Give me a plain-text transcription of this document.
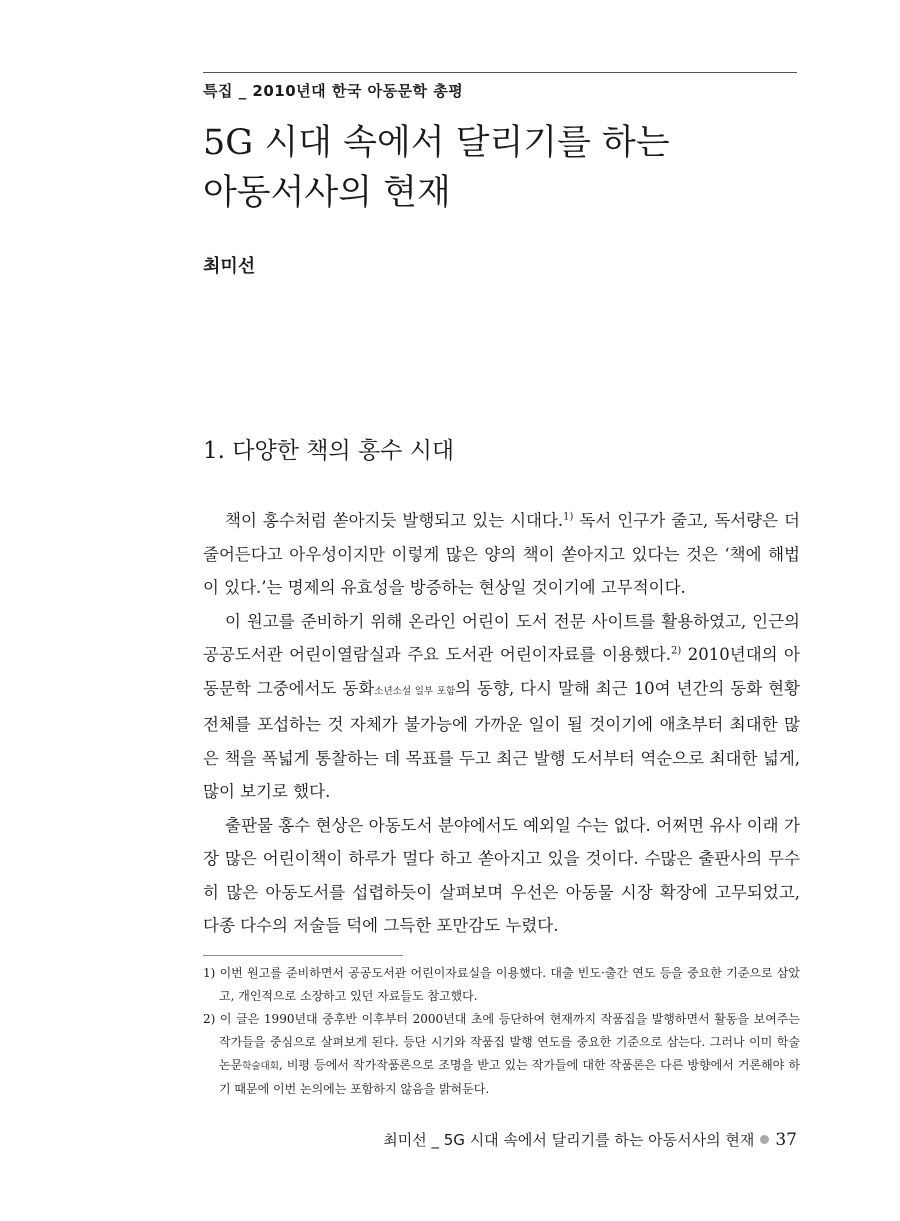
특집 _ 2010년대 한국 아동문학 총평
5G 시대 속에서 달리기를 하는
아동서사의 현재
최미선
1. 다양한 책의 홍수 시대

책이 홍수처럼 쏟아지듯 발행되고 있는 시대다.$^{1)}$ 독서 인구가 줄고, 독서량은 더 줄어든다고 아우성이지만 이렇게 많은 양의 책이 쏟아지고 있다는 것은 ‘책에 해법이 있다.’는 명제의 유효성을 방증하는 현상일 것이기에 고무적이다.

이 원고를 준비하기 위해 온라인 어린이 도서 전문 사이트를 활용하였고, 인근의 공공도서관 어린이열람실과 주요 도서관 어린이자료를 이용했다.$^{2)}$ 2010년대의 아동문학 그중에서도 동화소년소설 일부 포함의 동향, 다시 말해 최근 10여 년간의 동화 현황 전체를 포섭하는 것 자체가 불가능에 가까운 일이 될 것이기에 애초부터 최대한 많은 책을 폭넓게 통찰하는 데 목표를 두고 최근 발행 도서부터 역순으로 최대한 넓게, 많이 보기로 했다.

출판물 홍수 현상은 아동도서 분야에서도 예외일 수는 없다. 어쩌면 유사 이래 가장 많은 어린이책이 하루가 멀다 하고 쏟아지고 있을 것이다. 수많은 출판사의 무수히 많은 아동도서를 섭렵하듯이 살펴보며 우선은 아동물 시장 확장에 고무되었고, 다종 다수의 저술들 덕에 그득한 포만감도 누렸다.

1) 이번 원고를 준비하면서 공공도서관 어린이자료실을 이용했다. 대출 빈도·출간 연도 등을 중요한 기준으로 삼았고, 개인적으로 소장하고 있던 자료들도 참고했다.
2) 이 글은 1990년대 중후반 이후부터 2000년대 초에 등단하여 현재까지 작품집을 발행하면서 활동을 보여주는 작가들을 중심으로 살펴보게 된다. 등단 시기와 작품집 발행 연도를 중요한 기준으로 삼는다. 그러나 이미 학술논문학술대회, 비평 등에서 작가작품론으로 조명을 받고 있는 작가들에 대한 작품론은 다른 방향에서 거론해야 하기 때문에 이번 논의에는 포함하지 않음을 밝혀둔다.
최미선 _ 5G 시대 속에서 달리기를 하는 아동서사의 현재 37
